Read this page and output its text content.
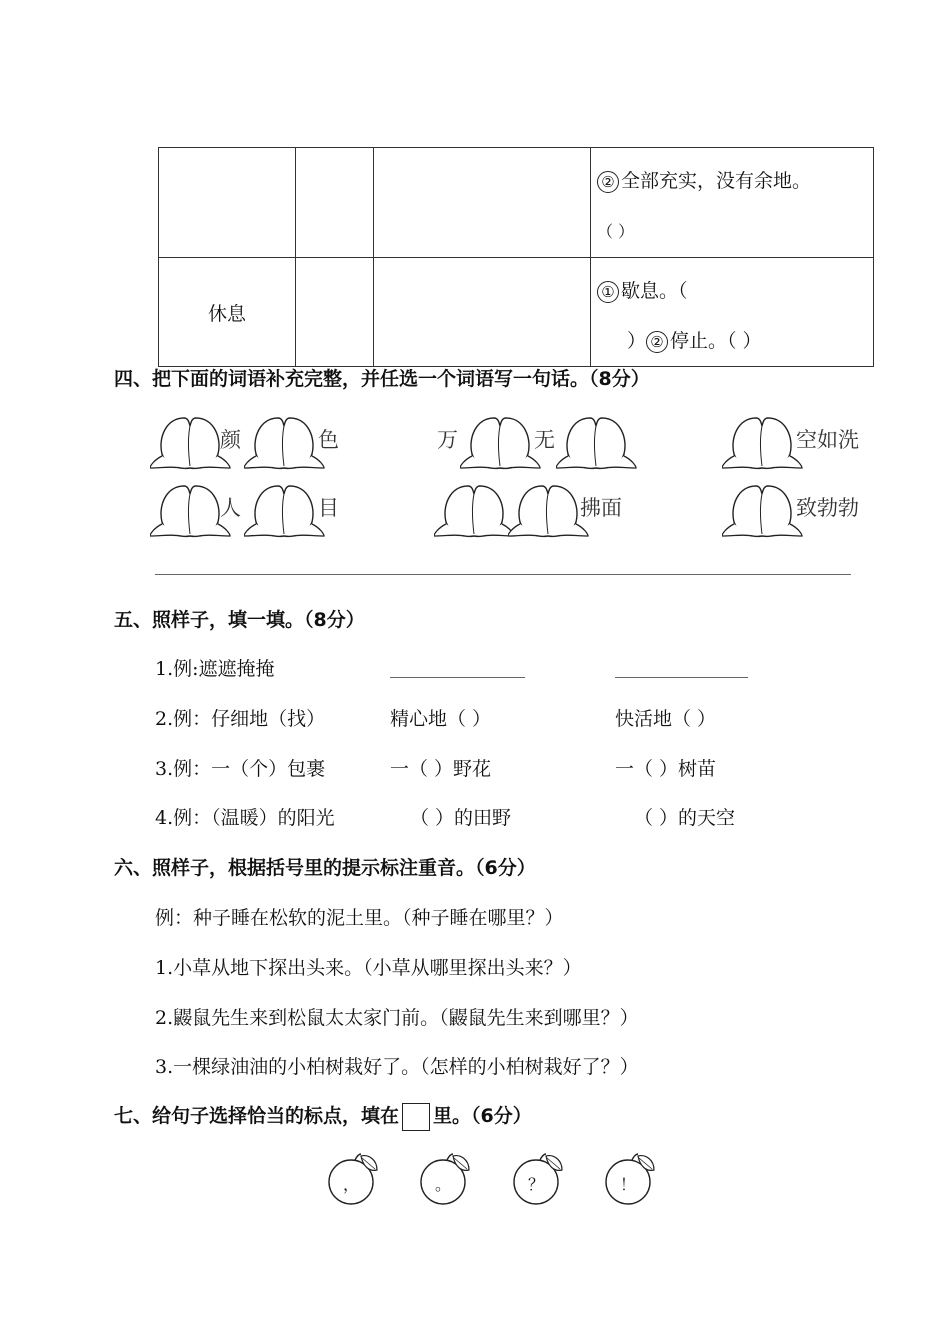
			② 全部充实，没有余地。
（ ）
休息			① 歇息。（
） ② 停止。（ ）
四、把下面的词语补充完整，并任选一个词语写一句话。（8分）
颜	色	万	无	空如洗
人	目	拂面	致勃勃
五、照样子，填一填。（8分）
1.例:遮遮掩掩
2.例：仔细地（找）	精心地（ ）	快活地（ ）
3.例：一（个）包裹	一（ ）野花	一（ ）树苗
4.例：（温暖）的阳光	（ ）的田野	（ ）的天空
六、照样子，根据括号里的提示标注重音。（6分）
例：种子睡在松软的泥土里。（种子睡在哪里？）
1.小草从地下探出头来。（小草从哪里探出头来？）
2.鼹鼠先生来到松鼠太太家门前。（鼹鼠先生来到哪里？）
3.一棵绿油油的小柏树栽好了。（怎样的小柏树栽好了？）
七、给句子选择恰当的标点，填在 里。（6分）
，	。	？	！
